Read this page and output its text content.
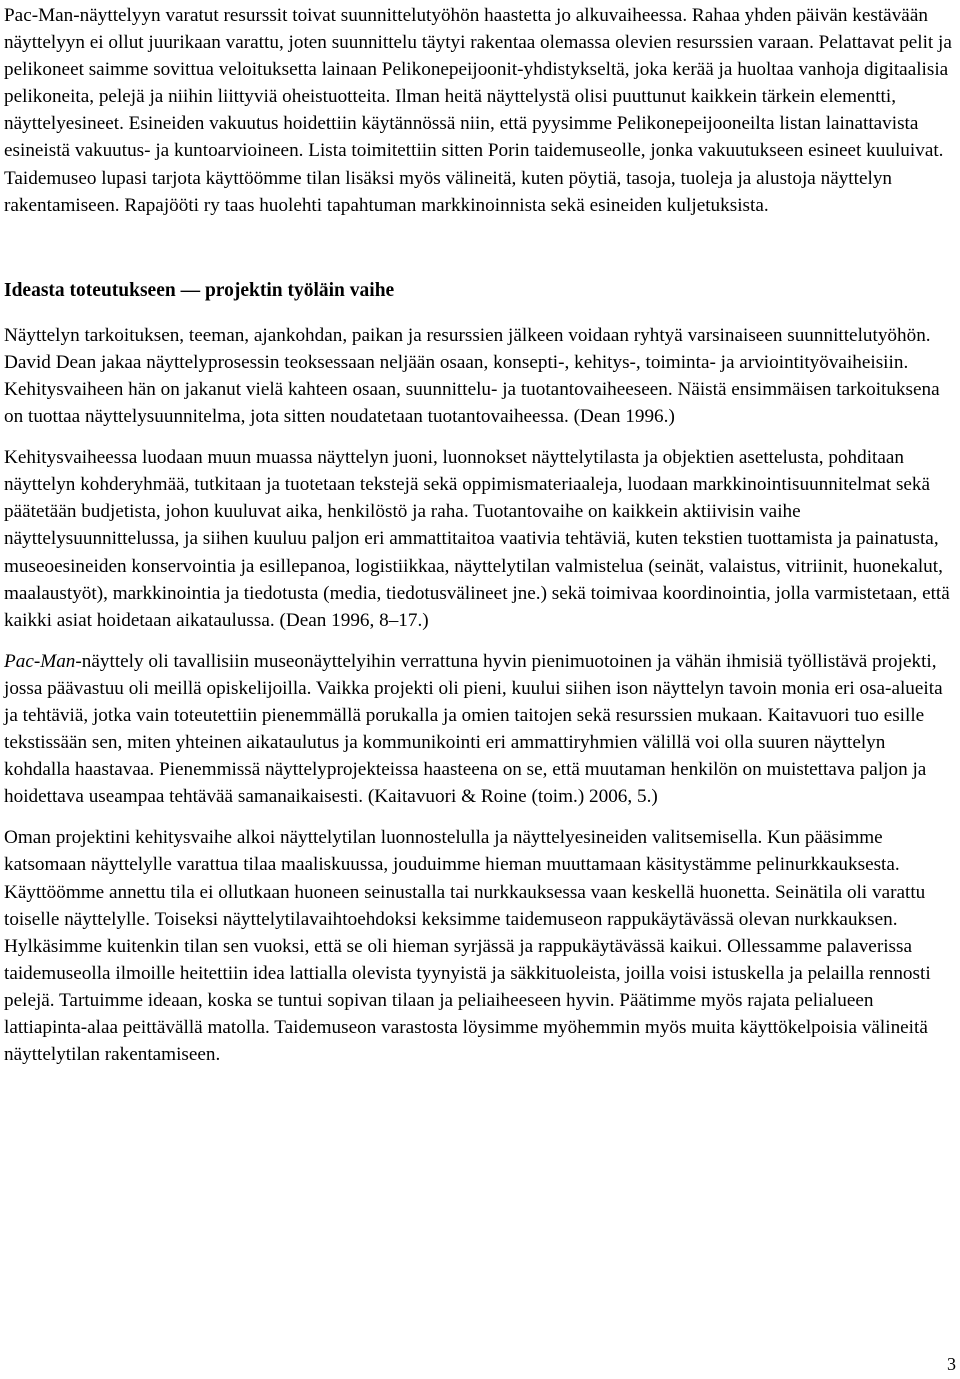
Pac-Man-näyttelyyn varatut resurssit toivat suunnittelutyöhön haastetta jo alkuvaiheessa. Rahaa yhden päivän kestävään näyttelyyn ei ollut juurikaan varattu, joten suunnittelu täytyi rakentaa olemassa olevien resurssien varaan. Pelattavat pelit ja pelikoneet saimme sovittua veloituksetta lainaan Pelikonepeijoonit-yhdistykseltä, joka kerää ja huoltaa vanhoja digitaalisia pelikoneita, pelejä ja niihin liittyviä oheistuotteita. Ilman heitä näyttelystä olisi puuttunut kaikkein tärkein elementti, näyttelyesineet. Esineiden vakuutus hoidettiin käytännössä niin, että pyysimme Pelikonepeijooneilta listan lainattavista esineistä vakuutus- ja kuntoarvioineen. Lista toimitettiin sitten Porin taidemuseolle, jonka vakuutukseen esineet kuuluivat. Taidemuseo lupasi tarjota käyttöömme tilan lisäksi myös välineitä, kuten pöytiä, tasoja, tuoleja ja alustoja näyttelyn rakentamiseen. Rapajööti ry taas huolehti tapahtuman markkinoinnista sekä esineiden kuljetuksista.

Ideasta toteutukseen — projektin työläin vaihe

Näyttelyn tarkoituksen, teeman, ajankohdan, paikan ja resurssien jälkeen voidaan ryhtyä varsinaiseen suunnittelutyöhön. David Dean jakaa näyttelyprosessin teoksessaan neljään osaan, konsepti-, kehitys-, toiminta- ja arviointityövaiheisiin. Kehitysvaiheen hän on jakanut vielä kahteen osaan, suunnittelu- ja tuotantovaiheeseen. Näistä ensimmäisen tarkoituksena on tuottaa näyttelysuunnitelma, jota sitten noudatetaan tuotantovaiheessa. (Dean 1996.)

Kehitysvaiheessa luodaan muun muassa näyttelyn juoni, luonnokset näyttelytilasta ja objektien asettelusta, pohditaan näyttelyn kohderyhmää, tutkitaan ja tuotetaan tekstejä sekä oppimismateriaaleja, luodaan markkinointisuunnitelmat sekä päätetään budjetista, johon kuuluvat aika, henkilöstö ja raha. Tuotantovaihe on kaikkein aktiivisin vaihe näyttelysuunnittelussa, ja siihen kuuluu paljon eri ammattitaitoa vaativia tehtäviä, kuten tekstien tuottamista ja painatusta, museoesineiden konservointia ja esillepanoa, logistiikkaa, näyttelytilan valmistelua (seinät, valaistus, vitriinit, huonekalut, maalaustyöt), markkinointia ja tiedotusta (media, tiedotusvälineet jne.) sekä toimivaa koordinointia, jolla varmistetaan, että kaikki asiat hoidetaan aikataulussa. (Dean 1996, 8–17.)

Pac-Man-näyttely oli tavallisiin museonäyttelyihin verrattuna hyvin pienimuotoinen ja vähän ihmisiä työllistävä projekti, jossa päävastuu oli meillä opiskelijoilla. Vaikka projekti oli pieni, kuului siihen ison näyttelyn tavoin monia eri osa-alueita ja tehtäviä, jotka vain toteutettiin pienemmällä porukalla ja omien taitojen sekä resurssien mukaan. Kaitavuori tuo esille tekstissään sen, miten yhteinen aikataulutus ja kommunikointi eri ammattiryhmien välillä voi olla suuren näyttelyn kohdalla haastavaa. Pienemmissä näyttelyprojekteissa haasteena on se, että muutaman henkilön on muistettava paljon ja hoidettava useampaa tehtävää samanaikaisesti. (Kaitavuori & Roine (toim.) 2006, 5.)

Oman projektini kehitysvaihe alkoi näyttelytilan luonnostelulla ja näyttelyesineiden valitsemisella. Kun pääsimme katsomaan näyttelylle varattua tilaa maaliskuussa, jouduimme hieman muuttamaan käsitystämme pelinurkkauksesta. Käyttöömme annettu tila ei ollutkaan huoneen seinustalla tai nurkkauksessa vaan keskellä huonetta. Seinätila oli varattu toiselle näyttelylle. Toiseksi näyttelytilavaihtoehdoksi keksimme taidemuseon rappukäytävässä olevan nurkkauksen. Hylkäsimme kuitenkin tilan sen vuoksi, että se oli hieman syrjässä ja rappukäytävässä kaikui. Ollessamme palaverissa taidemuseolla ilmoille heitettiin idea lattialla olevista tyynyistä ja säkkituoleista, joilla voisi istuskella ja pelailla rennosti pelejä. Tartuimme ideaan, koska se tuntui sopivan tilaan ja peliaiheeseen hyvin. Päätimme myös rajata pelialueen lattiapinta-alaa peittävällä matolla. Taidemuseon varastosta löysimme myöhemmin myös muita käyttökelpoisia välineitä näyttelytilan rakentamiseen.

3
